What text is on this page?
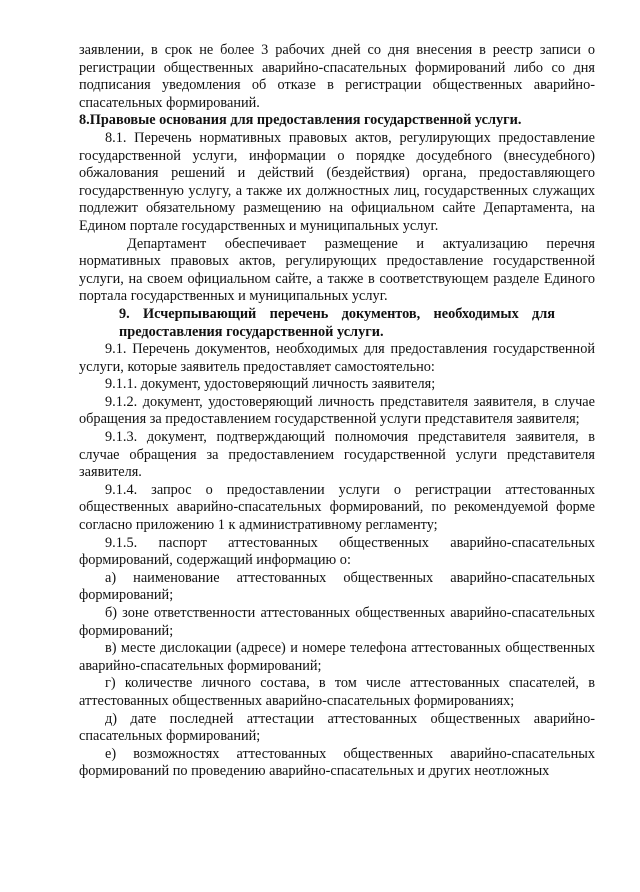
заявлении, в срок не более 3 рабочих дней со дня внесения в реестр записи о регистрации общественных аварийно-спасательных формирований либо со дня подписания уведомления об отказе в регистрации общественных аварийно-спасательных формирований.

8.Правовые основания для предоставления государственной услуги.

8.1. Перечень нормативных правовых актов, регулирующих предоставление государственной услуги, информации о порядке досудебного (внесудебного) обжалования решений и действий (бездействия) органа, предоставляющего государственную услугу, а также их должностных лиц, государственных служащих подлежит обязательному размещению на официальном сайте Департамента, на Едином портале государственных и муниципальных услуг.

Департамент обеспечивает размещение и актуализацию перечня нормативных правовых актов, регулирующих предоставление государственной услуги, на своем официальном сайте, а также в соответствующем разделе Единого портала государственных и муниципальных услуг.

9. Исчерпывающий перечень документов, необходимых для предоставления государственной услуги.

9.1. Перечень документов, необходимых для предоставления государственной услуги, которые заявитель предоставляет самостоятельно:

9.1.1. документ, удостоверяющий личность заявителя;

9.1.2. документ, удостоверяющий личность представителя заявителя, в случае обращения за предоставлением государственной услуги представителя заявителя;

9.1.3. документ, подтверждающий полномочия представителя заявителя, в случае обращения за предоставлением государственной услуги представителя заявителя.

9.1.4. запрос о предоставлении услуги о регистрации аттестованных общественных аварийно-спасательных формирований, по рекомендуемой форме согласно приложению 1 к административному регламенту;

9.1.5. паспорт аттестованных общественных аварийно-спасательных формирований, содержащий информацию о:

а) наименование аттестованных общественных аварийно-спасательных формирований;

б) зоне ответственности аттестованных общественных аварийно-спасательных формирований;

в) месте дислокации (адресе) и номере телефона аттестованных общественных аварийно-спасательных формирований;

г) количестве личного состава, в том числе аттестованных спасателей, в аттестованных общественных аварийно-спасательных формированиях;

д) дате последней аттестации аттестованных общественных аварийно-спасательных формирований;

е) возможностях аттестованных общественных аварийно-спасательных формирований по проведению аварийно-спасательных и других неотложных
